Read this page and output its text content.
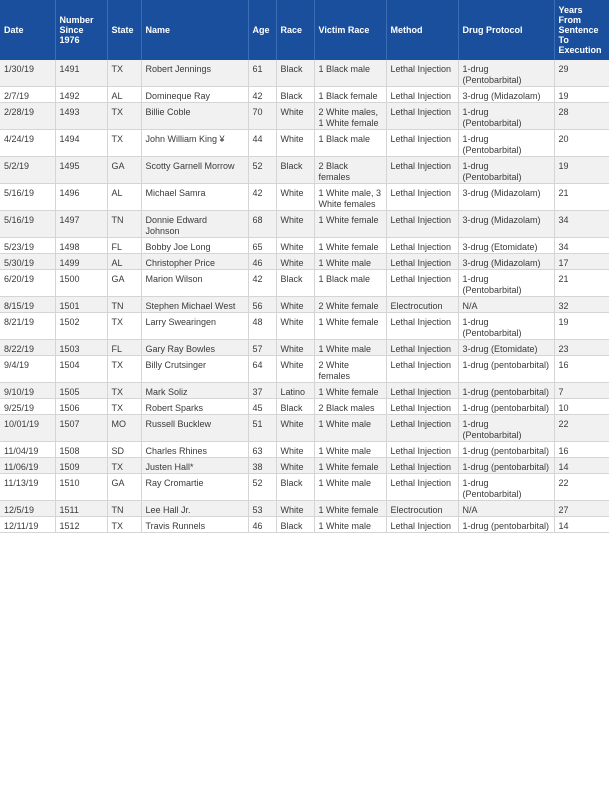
Date	Number Since 1976	State	Name	Age	Race	Victim Race	Method	Drug Protocol	Years From Sentence To Execution
1/30/19	1491	TX	Robert Jennings	61	Black	1 Black male	Lethal Injection	1-drug (Pentobarbital)	29
2/7/19	1492	AL	Domineque Ray	42	Black	1 Black female	Lethal Injection	3-drug (Midazolam)	19
2/28/19	1493	TX	Billie Coble	70	White	2 White males, 1 White female	Lethal Injection	1-drug (Pentobarbital)	28
4/24/19	1494	TX	John William King ¥	44	White	1 Black male	Lethal Injection	1-drug (Pentobarbital)	20
5/2/19	1495	GA	Scotty Garnell Morrow	52	Black	2 Black females	Lethal Injection	1-drug (Pentobarbital)	19
5/16/19	1496	AL	Michael Samra	42	White	1 White male, 3 White females	Lethal Injection	3-drug (Midazolam)	21
5/16/19	1497	TN	Donnie Edward Johnson	68	White	1 White female	Lethal Injection	3-drug (Midazolam)	34
5/23/19	1498	FL	Bobby Joe Long	65	White	1 White female	Lethal Injection	3-drug (Etomidate)	34
5/30/19	1499	AL	Christopher Price	46	White	1 White male	Lethal Injection	3-drug (Midazolam)	17
6/20/19	1500	GA	Marion Wilson	42	Black	1 Black male	Lethal Injection	1-drug (Pentobarbital)	21
8/15/19	1501	TN	Stephen Michael West	56	White	2 White female	Electrocution	N/A	32
8/21/19	1502	TX	Larry Swearingen	48	White	1 White female	Lethal Injection	1-drug (Pentobarbital)	19
8/22/19	1503	FL	Gary Ray Bowles	57	White	1 White male	Lethal Injection	3-drug (Etomidate)	23
9/4/19	1504	TX	Billy Crutsinger	64	White	2 White females	Lethal Injection	1-drug (pentobarbital)	16
9/10/19	1505	TX	Mark Soliz	37	Latino	1 White female	Lethal Injection	1-drug (pentobarbital)	7
9/25/19	1506	TX	Robert Sparks	45	Black	2 Black males	Lethal Injection	1-drug (pentobarbital)	10
10/01/19	1507	MO	Russell Bucklew	51	White	1 White male	Lethal Injection	1-drug (Pentobarbital)	22
11/04/19	1508	SD	Charles Rhines	63	White	1 White male	Lethal Injection	1-drug (pentobarbital)	16
11/06/19	1509	TX	Justen Hall*	38	White	1 White female	Lethal Injection	1-drug (pentobarbital)	14
11/13/19	1510	GA	Ray Cromartie	52	Black	1 White male	Lethal Injection	1-drug (Pentobarbital)	22
12/5/19	1511	TN	Lee Hall Jr.	53	White	1 White female	Electrocution	N/A	27
12/11/19	1512	TX	Travis Runnels	46	Black	1 White male	Lethal Injection	1-drug (pentobarbital)	14
